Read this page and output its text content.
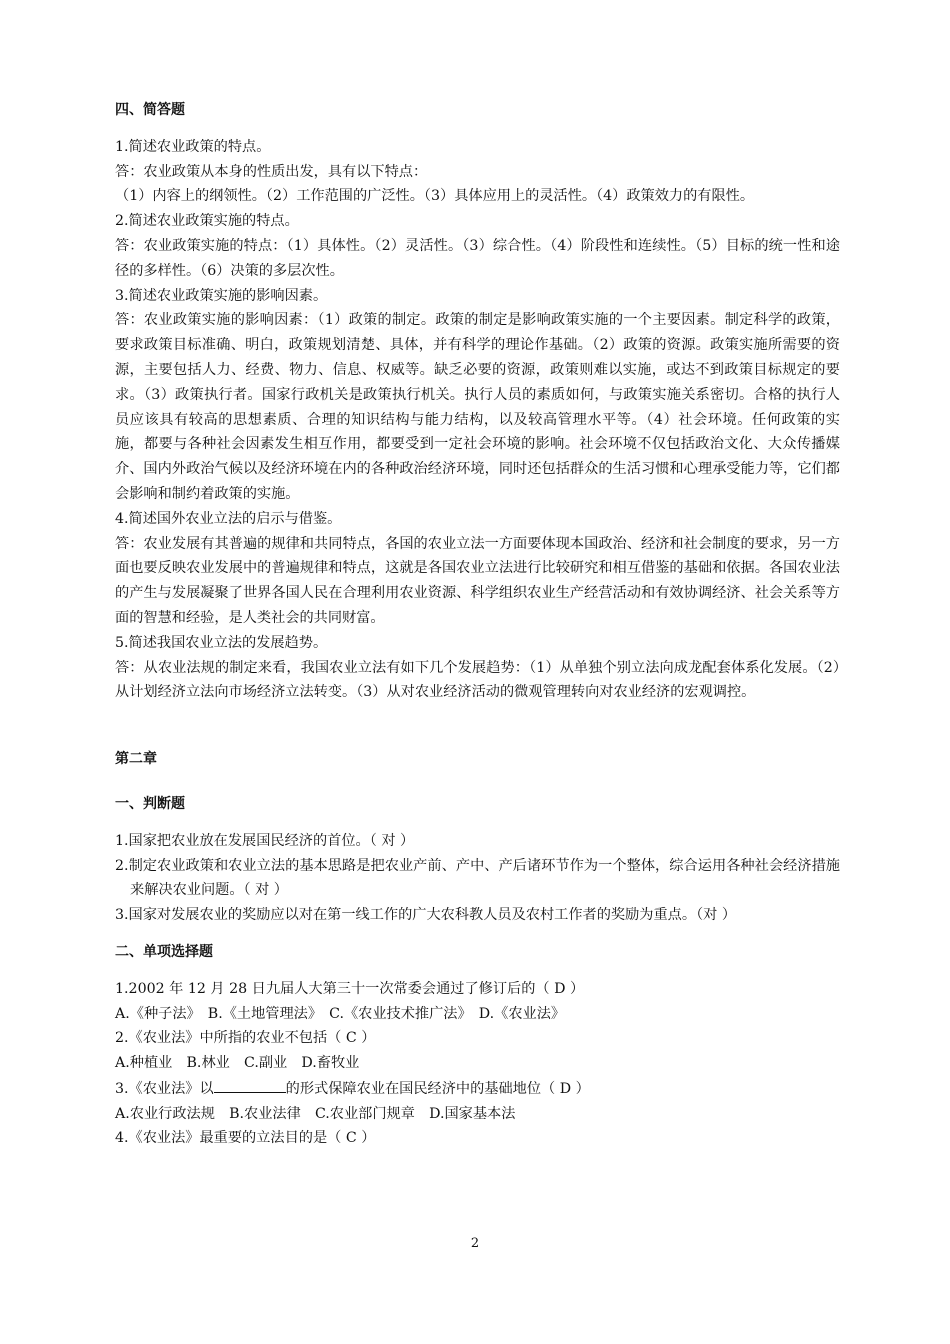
四、简答题

1.简述农业政策的特点。

答：农业政策从本身的性质出发，具有以下特点：

（1）内容上的纲领性。（2）工作范围的广泛性。（3）具体应用上的灵活性。（4）政策效力的有限性。

2.简述农业政策实施的特点。

答：农业政策实施的特点：（1）具体性。（2）灵活性。（3）综合性。（4）阶段性和连续性。（5）目标的统一性和途径的多样性。（6）决策的多层次性。

3.简述农业政策实施的影响因素。

答：农业政策实施的影响因素：（1）政策的制定。政策的制定是影响政策实施的一个主要因素。制定科学的政策，要求政策目标准确、明白，政策规划清楚、具体，并有科学的理论作基础。（2）政策的资源。政策实施所需要的资源，主要包括人力、经费、物力、信息、权威等。缺乏必要的资源，政策则难以实施，或达不到政策目标规定的要求。（3）政策执行者。国家行政机关是政策执行机关。执行人员的素质如何，与政策实施关系密切。合格的执行人员应该具有较高的思想素质、合理的知识结构与能力结构，以及较高管理水平等。（4）社会环境。任何政策的实施，都要与各种社会因素发生相互作用，都要受到一定社会环境的影响。社会环境不仅包括政治文化、大众传播媒介、国内外政治气候以及经济环境在内的各种政治经济环境，同时还包括群众的生活习惯和心理承受能力等，它们都会影响和制约着政策的实施。

4.简述国外农业立法的启示与借鉴。

答：农业发展有其普遍的规律和共同特点，各国的农业立法一方面要体现本国政治、经济和社会制度的要求，另一方面也要反映农业发展中的普遍规律和特点，这就是各国农业立法进行比较研究和相互借鉴的基础和依据。各国农业法的产生与发展凝聚了世界各国人民在合理利用农业资源、科学组织农业生产经营活动和有效协调经济、社会关系等方面的智慧和经验，是人类社会的共同财富。

5.简述我国农业立法的发展趋势。

答：从农业法规的制定来看，我国农业立法有如下几个发展趋势：（1）从单独个别立法向成龙配套体系化发展。（2）从计划经济立法向市场经济立法转变。（3）从对农业经济活动的微观管理转向对农业经济的宏观调控。

第二章
一、判断题

1.国家把农业放在发展国民经济的首位。（ 对 ）

2.制定农业政策和农业立法的基本思路是把农业产前、产中、产后诸环节作为一个整体，综合运用各种社会经济措施来解决农业问题。（ 对 ）

3.国家对发展农业的奖励应以对在第一线工作的广大农科教人员及农村工作者的奖励为重点。（对 ）

二、单项选择题

1.2002 年 12 月 28 日九届人大第三十一次常委会通过了修订后的（ D ）

A.《种子法》　B.《土地管理法》　C.《农业技术推广法》　D.《农业法》

2.《农业法》中所指的农业不包括（ C ）

A.种植业　B.林业　C.副业　D.畜牧业

3.《农业法》以	的形式保障农业在国民经济中的基础地位（ D ）

A.农业行政法规　B.农业法律　C.农业部门规章　D.国家基本法

4.《农业法》最重要的立法目的是（ C ）

2
